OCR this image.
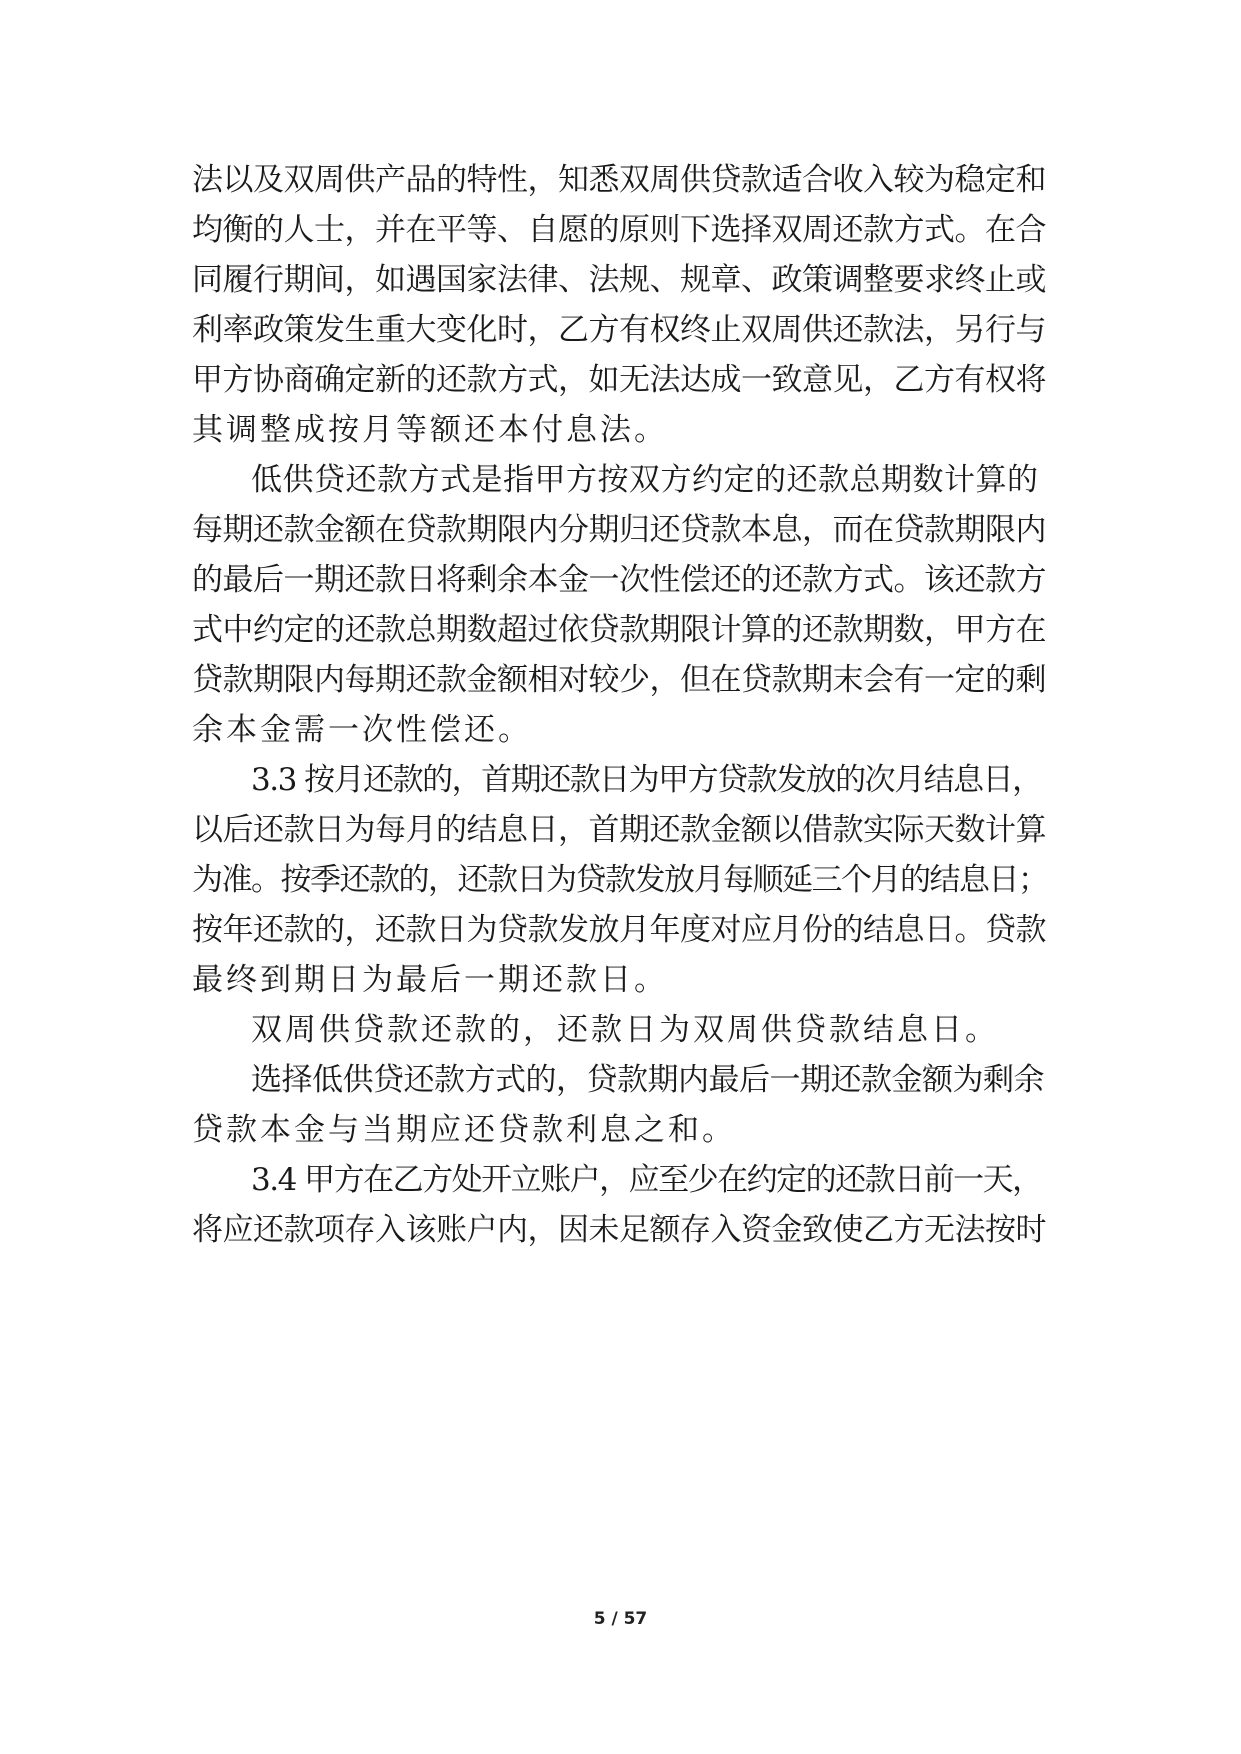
法以及双周供产品的特性，知悉双周供贷款适合收入较为稳定和

均衡的人士，并在平等、自愿的原则下选择双周还款方式。在合

同履行期间，如遇国家法律、法规、规章、政策调整要求终止或

利率政策发生重大变化时，乙方有权终止双周供还款法，另行与

甲方协商确定新的还款方式，如无法达成一致意见，乙方有权将

其调整成按月等额还本付息法。

低供贷还款方式是指甲方按双方约定的还款总期数计算的

每期还款金额在贷款期限内分期归还贷款本息，而在贷款期限内

的最后一期还款日将剩余本金一次性偿还的还款方式。该还款方

式中约定的还款总期数超过依贷款期限计算的还款期数，甲方在

贷款期限内每期还款金额相对较少，但在贷款期末会有一定的剩

余本金需一次性偿还。

3.3 按月还款的，首期还款日为甲方贷款发放的次月结息日，

以后还款日为每月的结息日，首期还款金额以借款实际天数计算

为准。按季还款的，还款日为贷款发放月每顺延三个月的结息日；

按年还款的，还款日为贷款发放月年度对应月份的结息日。贷款

最终到期日为最后一期还款日。

双周供贷款还款的，还款日为双周供贷款结息日。

选择低供贷还款方式的，贷款期内最后一期还款金额为剩余

贷款本金与当期应还贷款利息之和。

3.4 甲方在乙方处开立账户，应至少在约定的还款日前一天，

将应还款项存入该账户内，因未足额存入资金致使乙方无法按时

5 / 57
